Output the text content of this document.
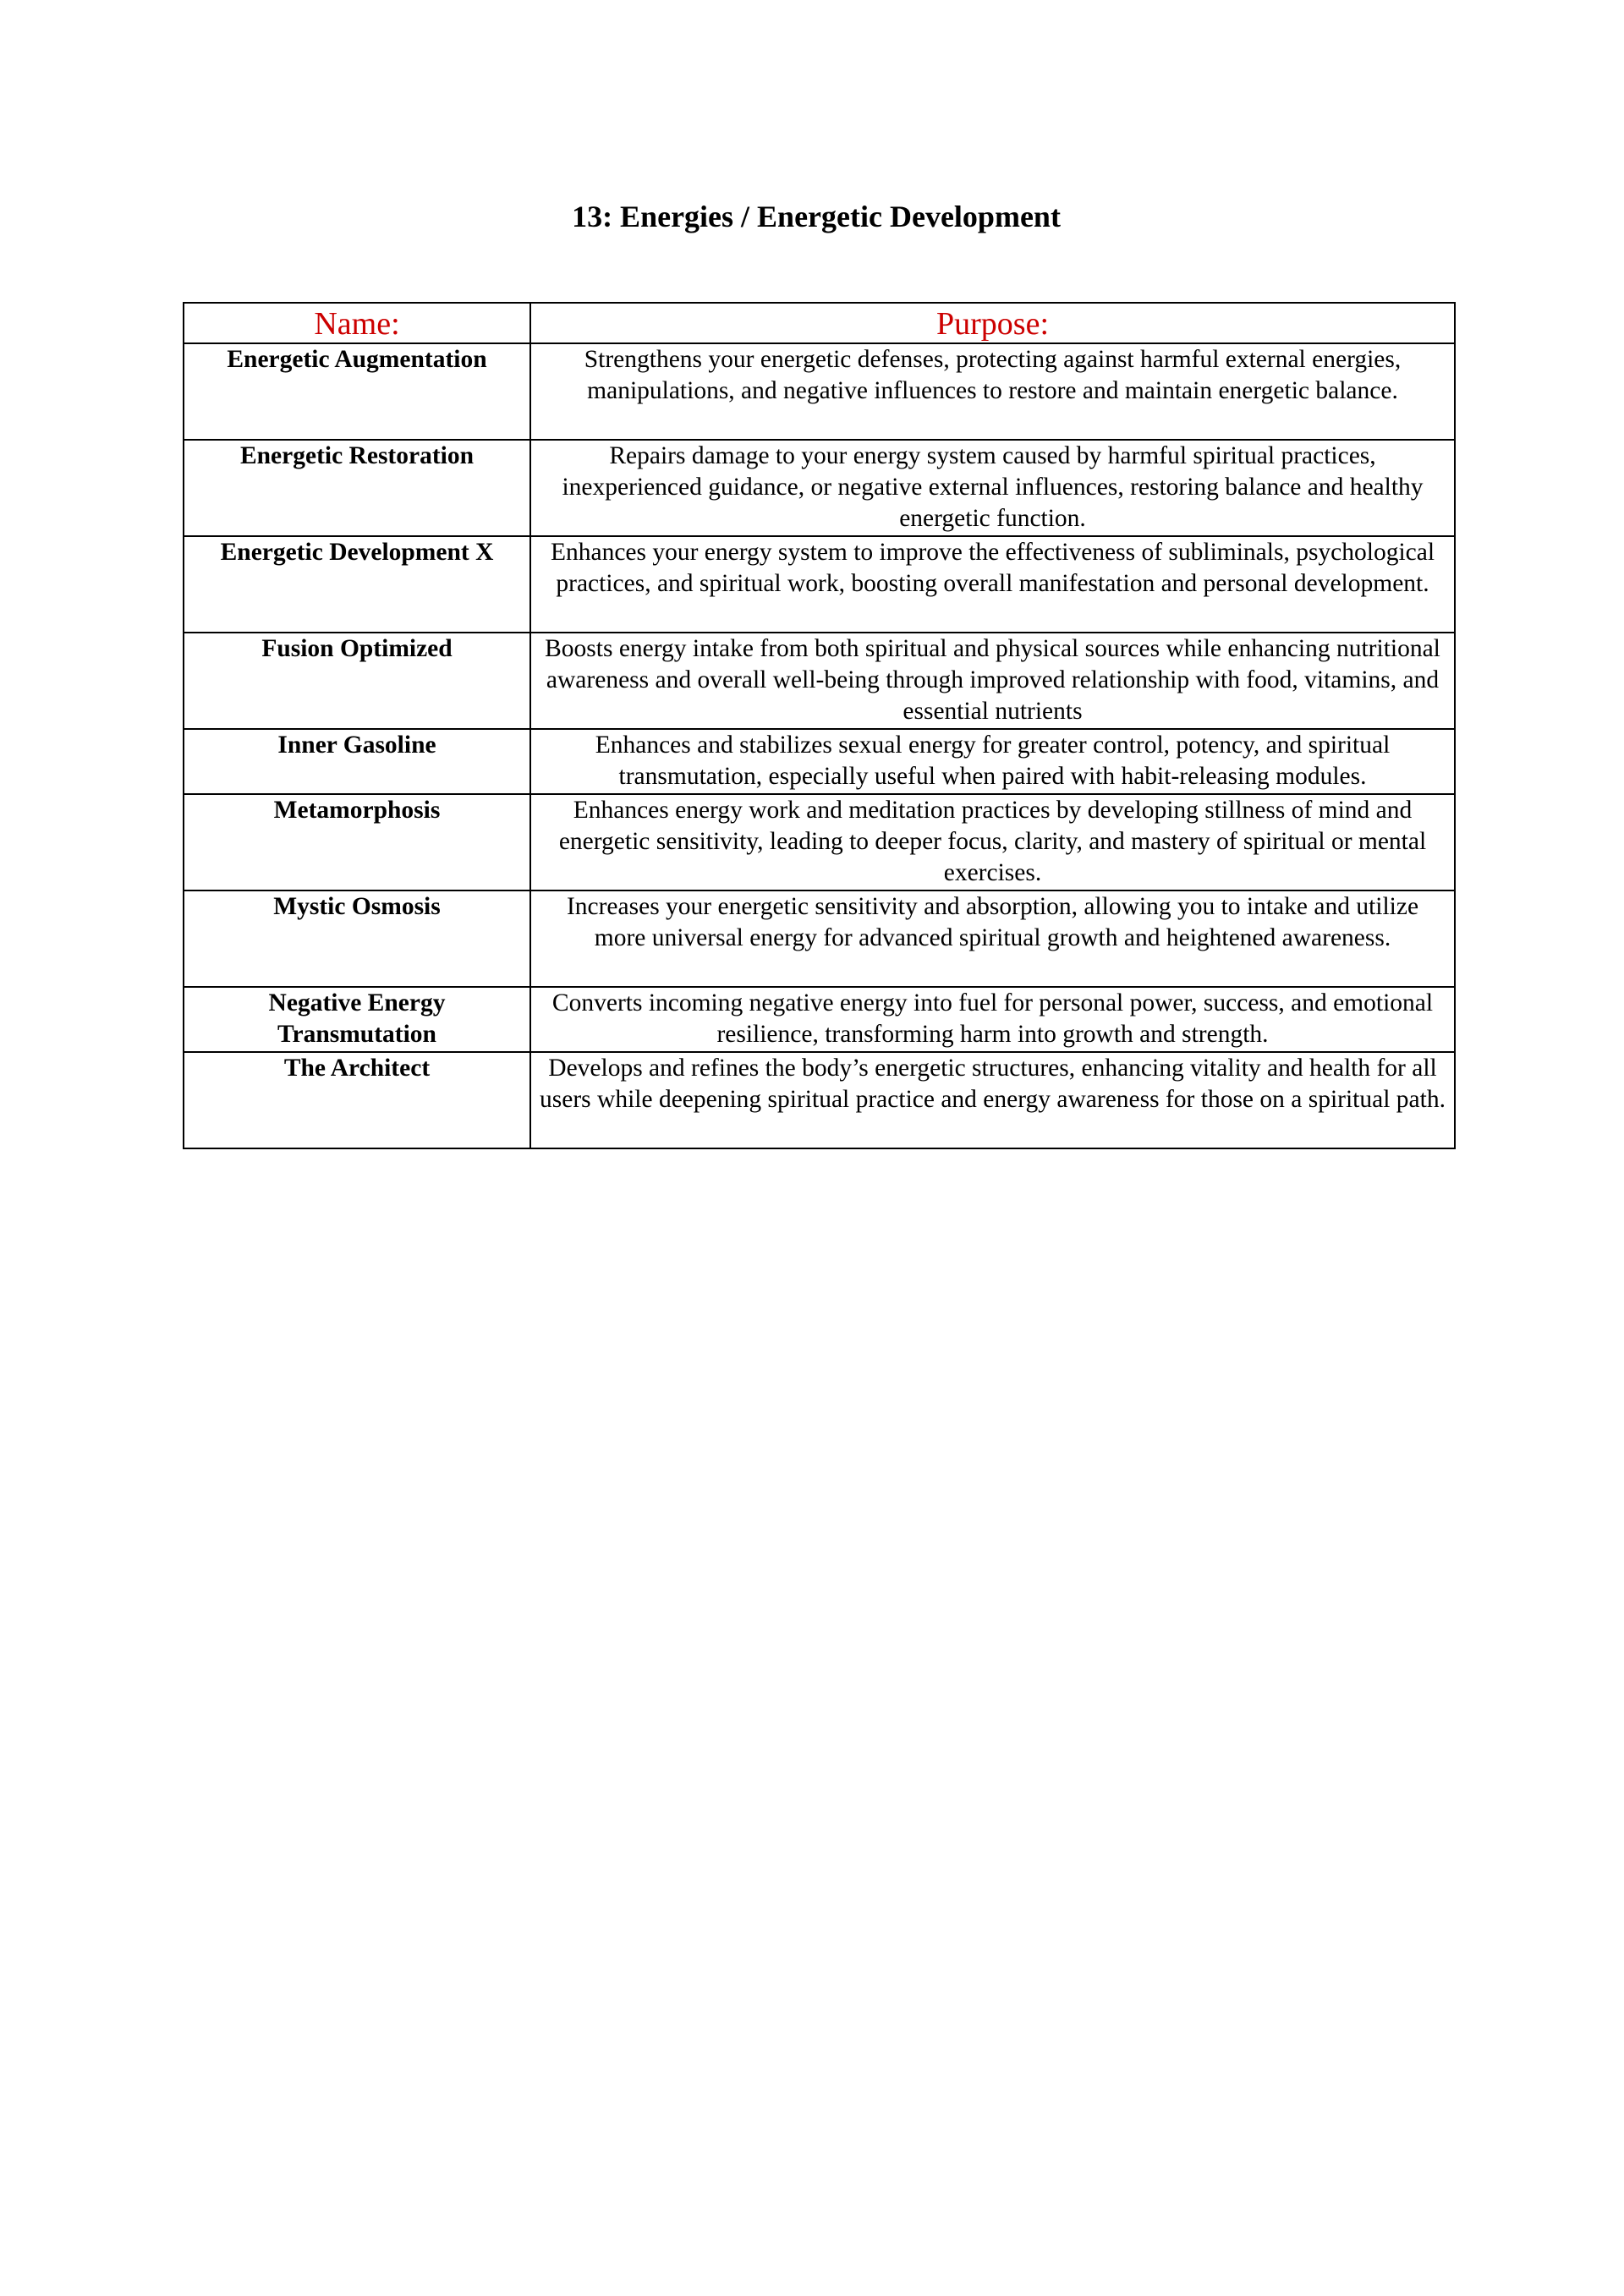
13: Energies / Energetic Development
Name:	Purpose:
Energetic Augmentation	Strengthens your energetic defenses, protecting against harmful external energies, manipulations, and negative influences to restore and maintain energetic balance.
Energetic Restoration	Repairs damage to your energy system caused by harmful spiritual practices, inexperienced guidance, or negative external influences, restoring balance and healthy energetic function.
Energetic Development X	Enhances your energy system to improve the effectiveness of subliminals, psychological practices, and spiritual work, boosting overall manifestation and personal development.
Fusion Optimized	Boosts energy intake from both spiritual and physical sources while enhancing nutritional awareness and overall well-being through improved relationship with food, vitamins, and essential nutrients
Inner Gasoline	Enhances and stabilizes sexual energy for greater control, potency, and spiritual transmutation, especially useful when paired with habit-releasing modules.
Metamorphosis	Enhances energy work and meditation practices by developing stillness of mind and energetic sensitivity, leading to deeper focus, clarity, and mastery of spiritual or mental exercises.
Mystic Osmosis	Increases your energetic sensitivity and absorption, allowing you to intake and utilize more universal energy for advanced spiritual growth and heightened awareness.
Negative Energy Transmutation	Converts incoming negative energy into fuel for personal power, success, and emotional resilience, transforming harm into growth and strength.
The Architect	Develops and refines the body’s energetic structures, enhancing vitality and health for all users while deepening spiritual practice and energy awareness for those on a spiritual path.
